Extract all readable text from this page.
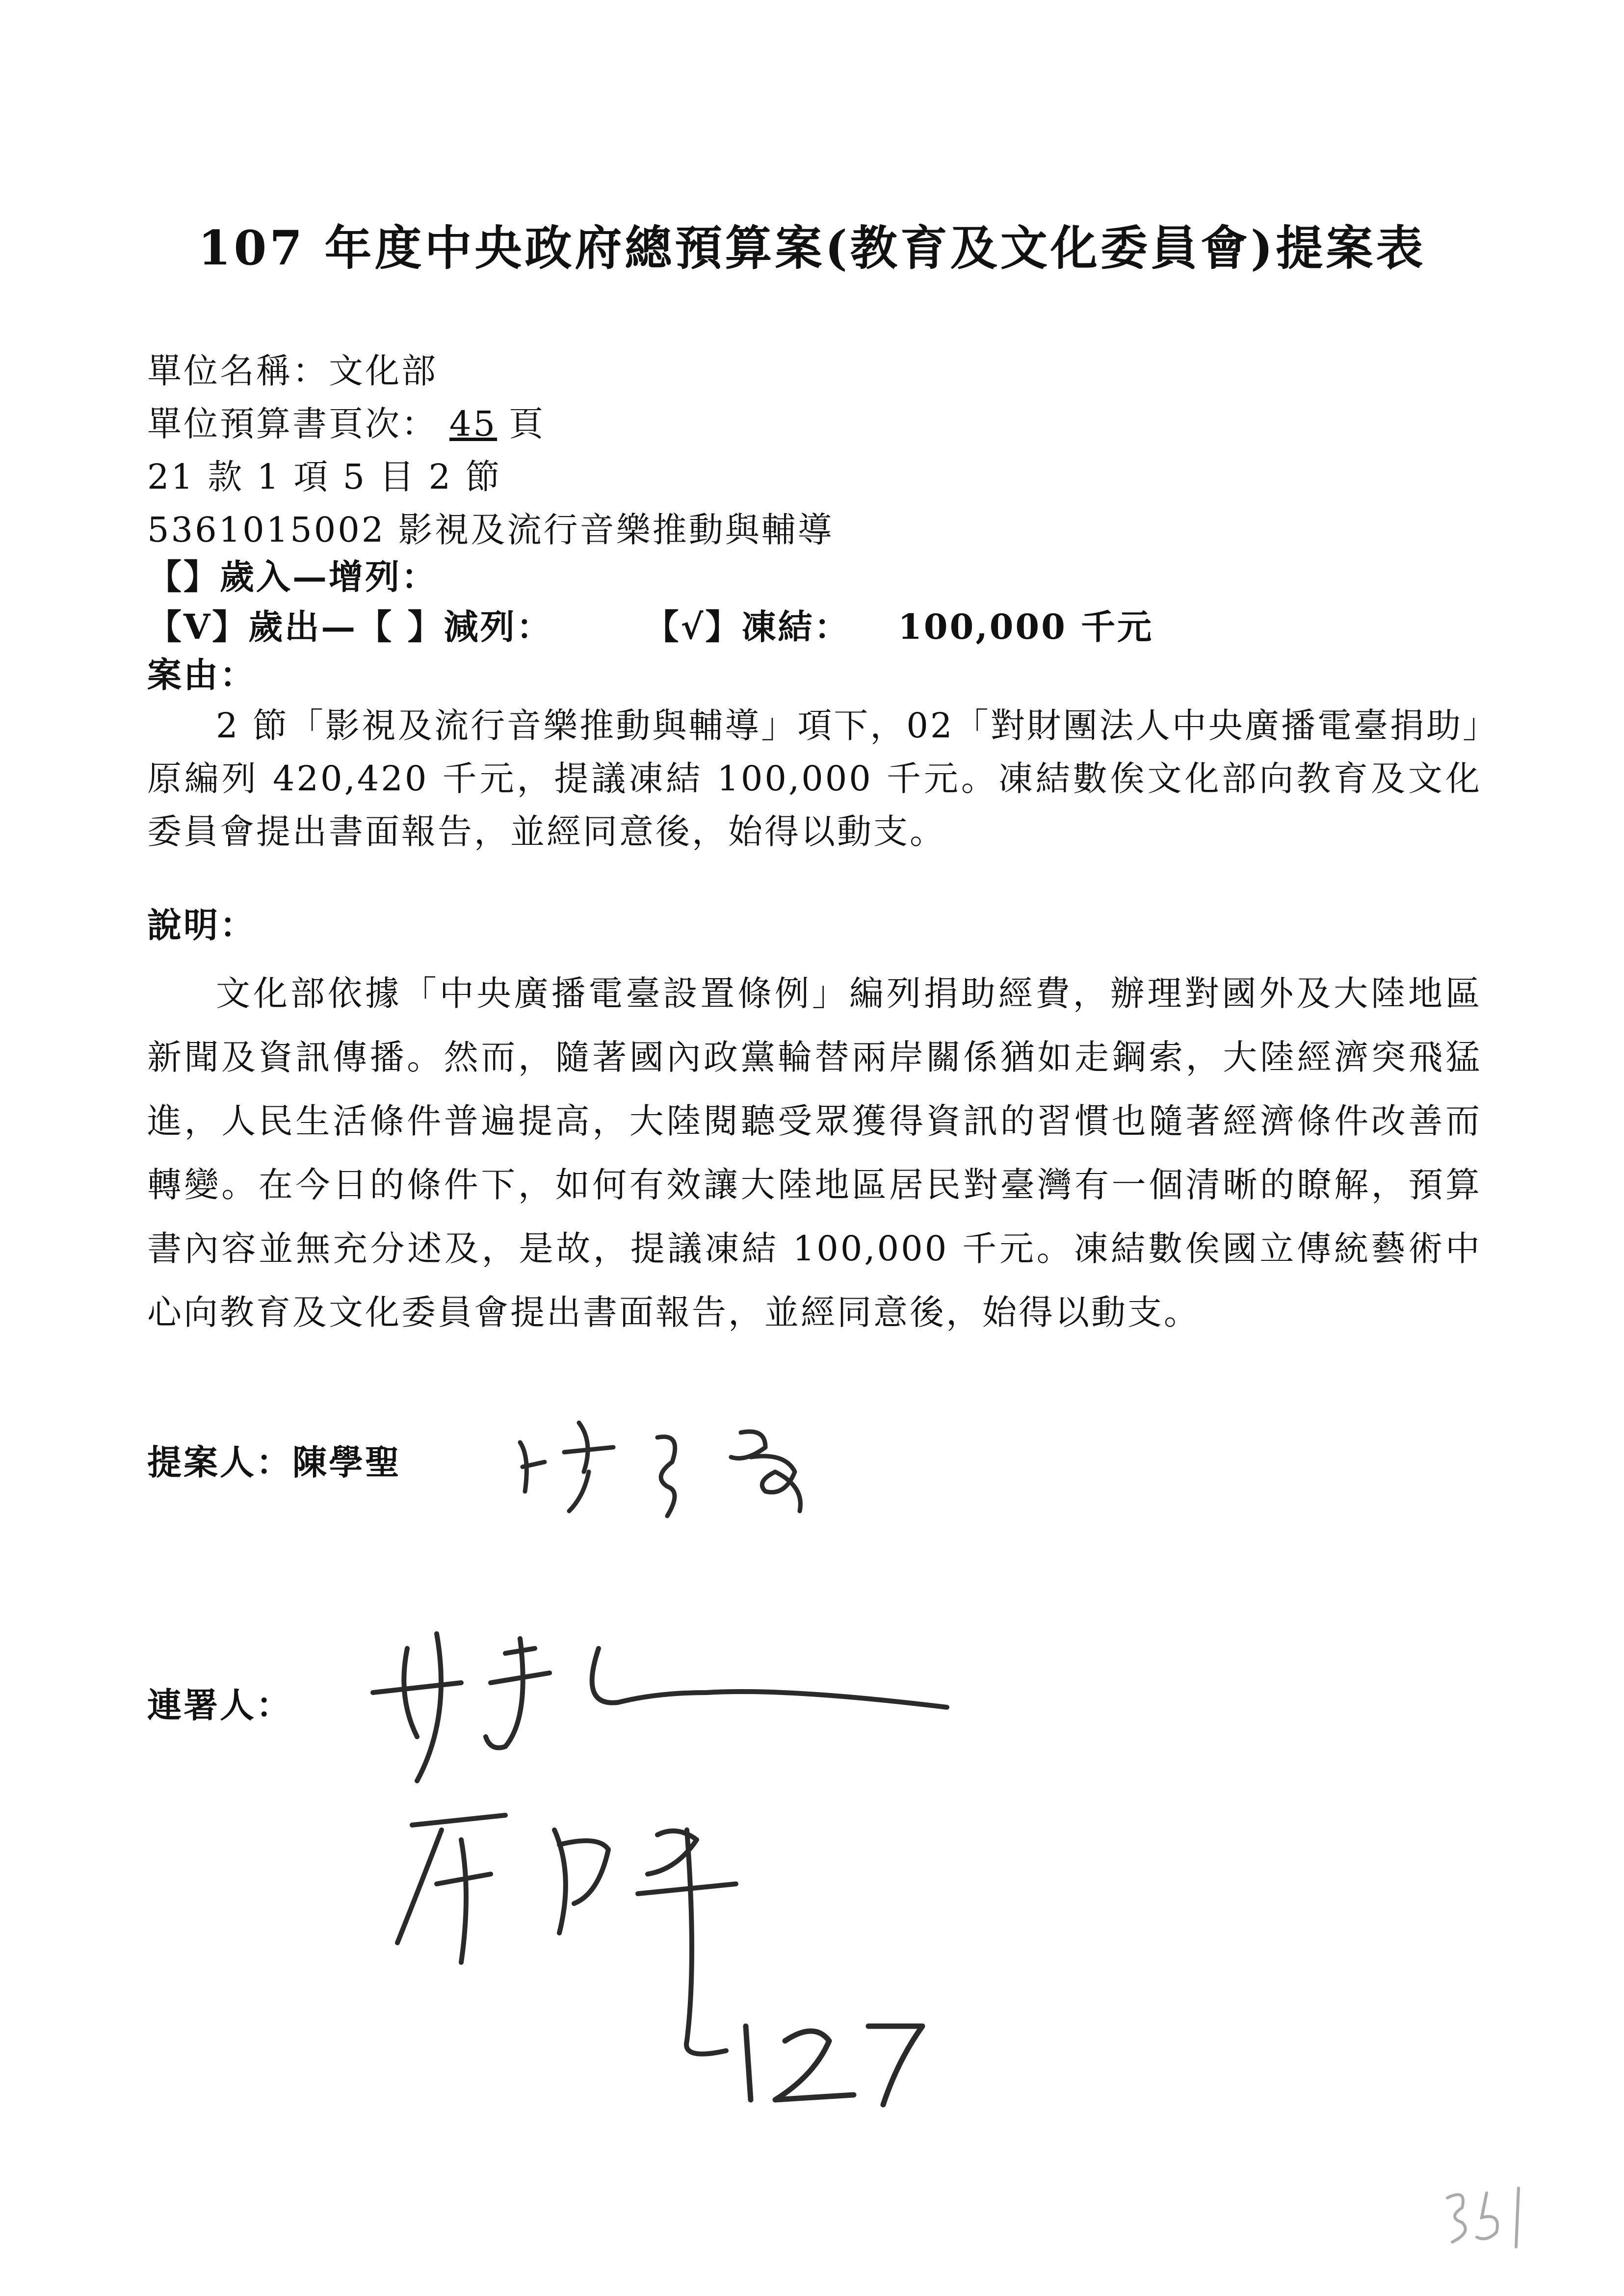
107 年度中央政府總預算案(教育及文化委員會)提案表
單位名稱：文化部
單位預算書頁次： 45 頁
21 款 1 項 5 目 2 節
5361015002 影視及流行音樂推動與輔導
【】歲入—增列：
【V】歲出—【 】減列：	【√】凍結： 100,000 千元
案由：
2 節「影視及流行音樂推動與輔導」項下，02「對財團法人中央廣播電臺捐助」原編列 420,420 千元，提議凍結 100,000 千元。凍結數俟文化部向教育及文化委員會提出書面報告，並經同意後，始得以動支。
說明：
文化部依據「中央廣播電臺設置條例」編列捐助經費，辦理對國外及大陸地區新聞及資訊傳播。然而，隨著國內政黨輪替兩岸關係猶如走鋼索，大陸經濟突飛猛進，人民生活條件普遍提高，大陸閱聽受眾獲得資訊的習慣也隨著經濟條件改善而轉變。在今日的條件下，如何有效讓大陸地區居民對臺灣有一個清晰的瞭解，預算書內容並無充分述及，是故，提議凍結 100,000 千元。凍結數俟國立傳統藝術中心向教育及文化委員會提出書面報告，並經同意後，始得以動支。
提案人：陳學聖
連署人：
